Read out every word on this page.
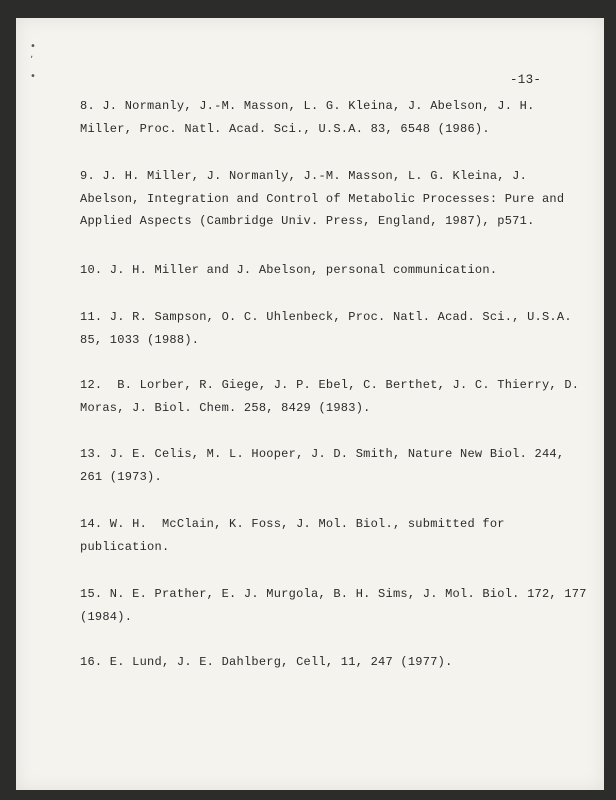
•
ʼ
•	-13-
8. J. Normanly, J.-M. Masson, L. G. Kleina, J. Abelson, J. H.
Miller, Proc. Natl. Acad. Sci., U.S.A. 83, 6548 (1986).
9. J. H. Miller, J. Normanly, J.-M. Masson, L. G. Kleina, J.
Abelson, Integration and Control of Metabolic Processes: Pure and
Applied Aspects (Cambridge Univ. Press, England, 1987), p571.
10. J. H. Miller and J. Abelson, personal communication.
11. J. R. Sampson, O. C. Uhlenbeck, Proc. Natl. Acad. Sci., U.S.A.
85, 1033 (1988).
12.  B. Lorber, R. Giege, J. P. Ebel, C. Berthet, J. C. Thierry, D.
Moras, J. Biol. Chem. 258, 8429 (1983).
13. J. E. Celis, M. L. Hooper, J. D. Smith, Nature New Biol. 244,
261 (1973).
14. W. H.  McClain, K. Foss, J. Mol. Biol., submitted for
publication.
15. N. E. Prather, E. J. Murgola, B. H. Sims, J. Mol. Biol. 172, 177
(1984).
16. E. Lund, J. E. Dahlberg, Cell, 11, 247 (1977).
